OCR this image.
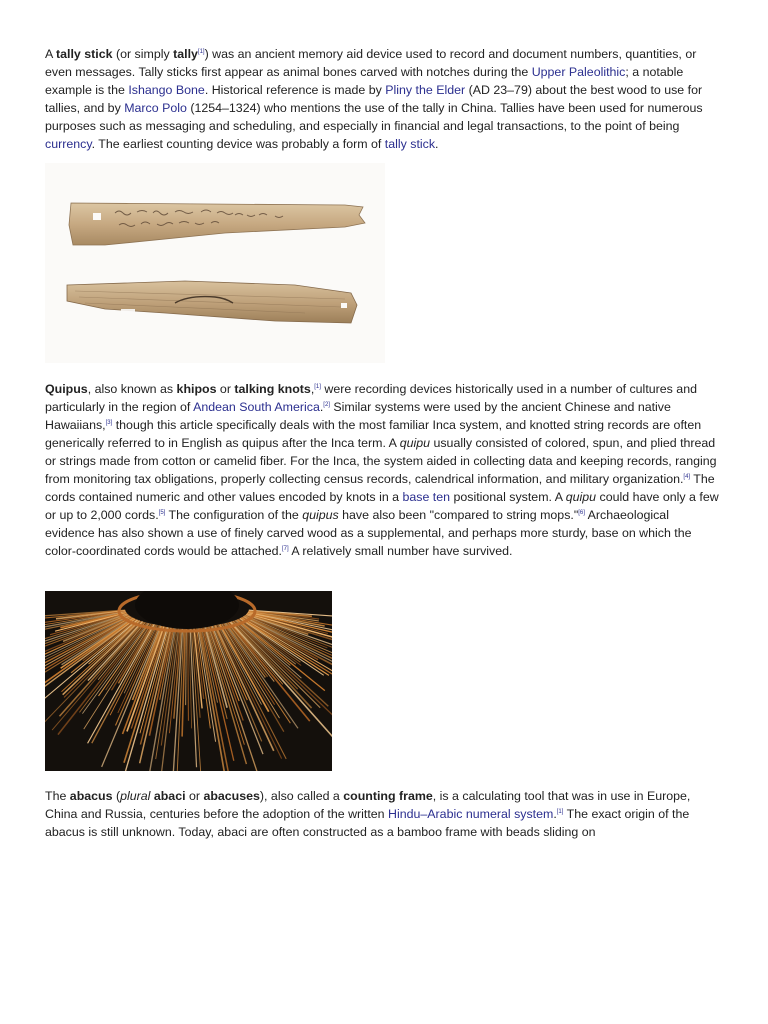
A tally stick (or simply tally[1]) was an ancient memory aid device used to record and document numbers, quantities, or even messages. Tally sticks first appear as animal bones carved with notches during the Upper Paleolithic; a notable example is the Ishango Bone. Historical reference is made by Pliny the Elder (AD 23–79) about the best wood to use for tallies, and by Marco Polo (1254–1324) who mentions the use of the tally in China. Tallies have been used for numerous purposes such as messaging and scheduling, and especially in financial and legal transactions, to the point of being currency. The earliest counting device was probably a form of tally stick.

Quipus, also known as khipos or talking knots,[1] were recording devices historically used in a number of cultures and particularly in the region of Andean South America.[2] Similar systems were used by the ancient Chinese and native Hawaiians,[3] though this article specifically deals with the most familiar Inca system, and knotted string records are often generically referred to in English as quipus after the Inca term. A quipu usually consisted of colored, spun, and plied thread or strings made from cotton or camelid fiber. For the Inca, the system aided in collecting data and keeping records, ranging from monitoring tax obligations, properly collecting census records, calendrical information, and military organization.[4] The cords contained numeric and other values encoded by knots in a base ten positional system. A quipu could have only a few or up to 2,000 cords.[5] The configuration of the quipus have also been "compared to string mops."[6] Archaeological evidence has also shown a use of finely carved wood as a supplemental, and perhaps more sturdy, base on which the color-coordinated cords would be attached.[7] A relatively small number have survived.

The abacus (plural abaci or abacuses), also called a counting frame, is a calculating tool that was in use in Europe, China and Russia, centuries before the adoption of the written Hindu–Arabic numeral system.[1] The exact origin of the abacus is still unknown. Today, abaci are often constructed as a bamboo frame with beads sliding on
